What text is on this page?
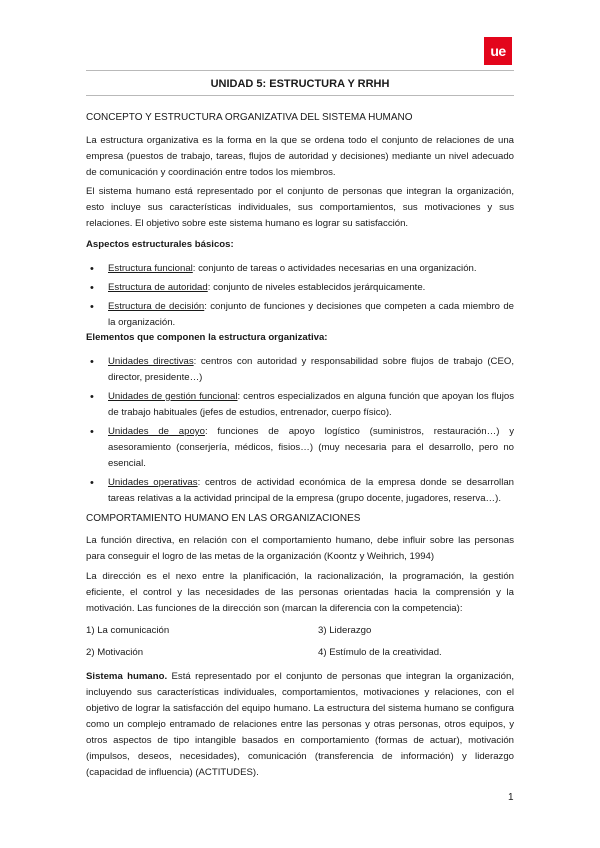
ue
UNIDAD 5: ESTRUCTURA Y RRHH
CONCEPTO Y ESTRUCTURA ORGANIZATIVA DEL SISTEMA HUMANO

La estructura organizativa es la forma en la que se ordena todo el conjunto de relaciones de una empresa (puestos de trabajo, tareas, flujos de autoridad y decisiones) mediante un nivel adecuado de comunicación y coordinación entre todos los miembros.

El sistema humano está representado por el conjunto de personas que integran la organización, esto incluye sus características individuales, sus comportamientos, sus motivaciones y sus relaciones. El objetivo sobre este sistema humano es lograr su satisfacción.

Aspectos estructurales básicos:
• Estructura funcional: conjunto de tareas o actividades necesarias en una organización.
• Estructura de autoridad: conjunto de niveles establecidos jerárquicamente.
• Estructura de decisión: conjunto de funciones y decisiones que competen a cada miembro de la organización.
Elementos que componen la estructura organizativa:
• Unidades directivas: centros con autoridad y responsabilidad sobre flujos de trabajo (CEO, director, presidente…)
• Unidades de gestión funcional: centros especializados en alguna función que apoyan los flujos de trabajo habituales (jefes de estudios, entrenador, cuerpo físico).
• Unidades de apoyo: funciones de apoyo logístico (suministros, restauración…) y asesoramiento (conserjería, médicos, fisios…) (muy necesaria para el desarrollo, pero no esencial.
• Unidades operativas: centros de actividad económica de la empresa donde se desarrollan tareas relativas a la actividad principal de la empresa (grupo docente, jugadores, reserva…).
COMPORTAMIENTO HUMANO EN LAS ORGANIZACIONES

La función directiva, en relación con el comportamiento humano, debe influir sobre las personas para conseguir el logro de las metas de la organización (Koontz y Weihrich, 1994)

La dirección es el nexo entre la planificación, la racionalización, la programación, la gestión eficiente, el control y las necesidades de las personas orientadas hacia la comprensión y la motivación. Las funciones de la dirección son (marcan la diferencia con la competencia):

1) La comunicación	3) Liderazgo
2) Motivación	4) Estímulo de la creatividad.

Sistema humano. Está representado por el conjunto de personas que integran la organización, incluyendo sus características individuales, comportamientos, motivaciones y relaciones, con el objetivo de lograr la satisfacción del equipo humano. La estructura del sistema humano se configura como un complejo entramado de relaciones entre las personas y otras personas, otros equipos, y otros aspectos de tipo intangible basados en comportamiento (formas de actuar), motivación (impulsos, deseos, necesidades), comunicación (transferencia de información) y liderazgo (capacidad de influencia) (ACTITUDES).

1
